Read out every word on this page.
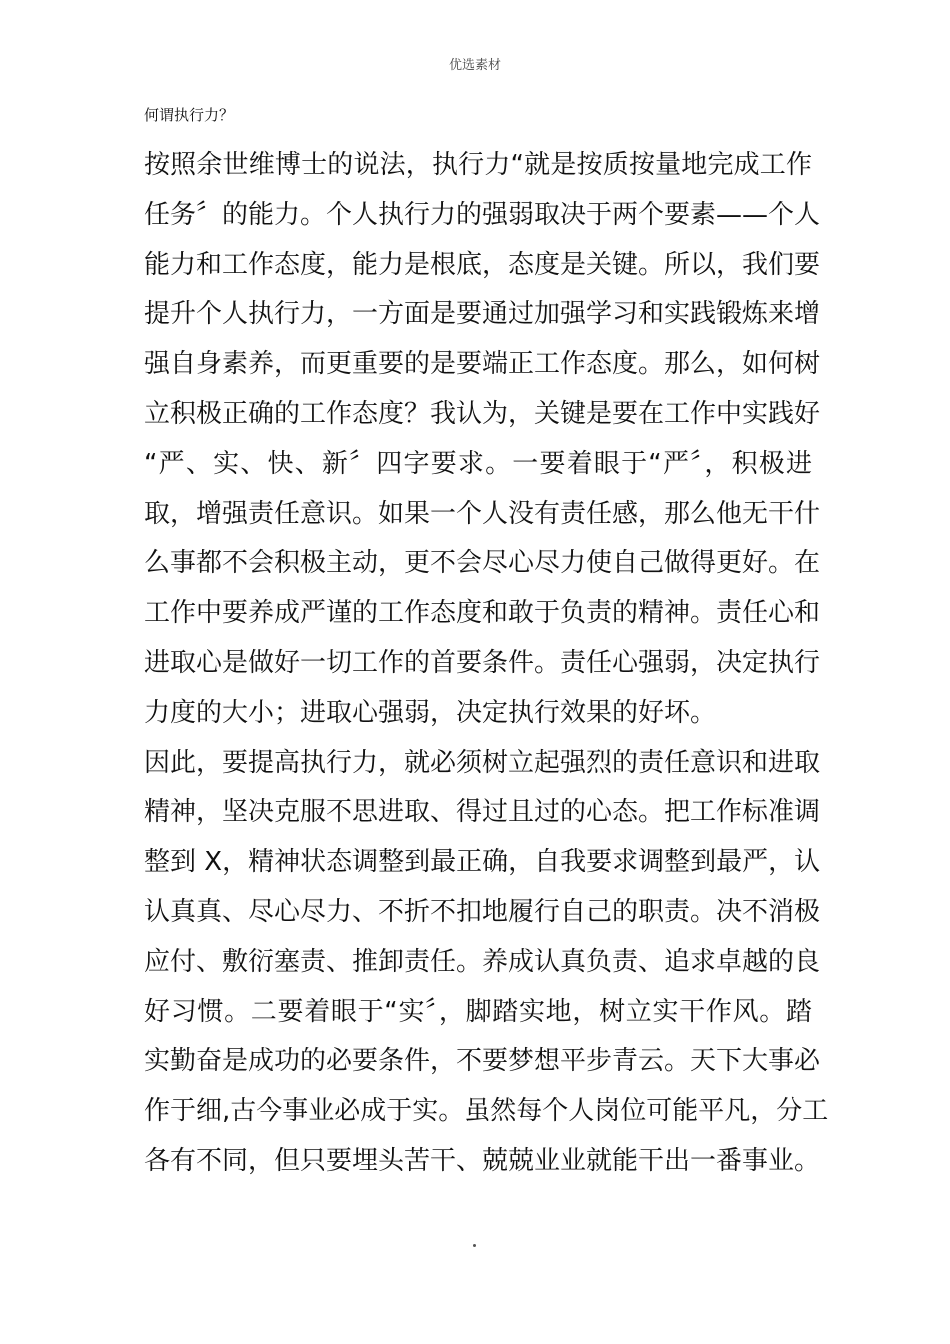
优选素材
何谓执行力？
按照余世维博士的说法，执行力“就是按质按量地完成工作
任务〞的能力。个人执行力的强弱取决于两个要素——个人
能力和工作态度，能力是根底，态度是关键。所以，我们要
提升个人执行力，一方面是要通过加强学习和实践锻炼来增
强自身素养，而更重要的是要端正工作态度。那么，如何树
立积极正确的工作态度？我认为，关键是要在工作中实践好
“严、实、快、新〞四字要求。一要着眼于“严〞，积极进
取，增强责任意识。如果一个人没有责任感，那么他无干什
么事都不会积极主动，更不会尽心尽力使自己做得更好。在
工作中要养成严谨的工作态度和敢于负责的精神。责任心和
进取心是做好一切工作的首要条件。责任心强弱，决定执行
力度的大小；进取心强弱，决定执行效果的好坏。
因此，要提高执行力，就必须树立起强烈的责任意识和进取
精神，坚决克服不思进取、得过且过的心态。把工作标准调
整到 X，精神状态调整到最正确，自我要求调整到最严，认
认真真、尽心尽力、不折不扣地履行自己的职责。决不消极
应付、敷衍塞责、推卸责任。养成认真负责、追求卓越的良
好习惯。二要着眼于“实〞，脚踏实地，树立实干作风。踏
实勤奋是成功的必要条件，不要梦想平步青云。天下大事必
作于细,古今事业必成于实。虽然每个人岗位可能平凡，分工
各有不同，但只要埋头苦干、兢兢业业就能干出一番事业。
